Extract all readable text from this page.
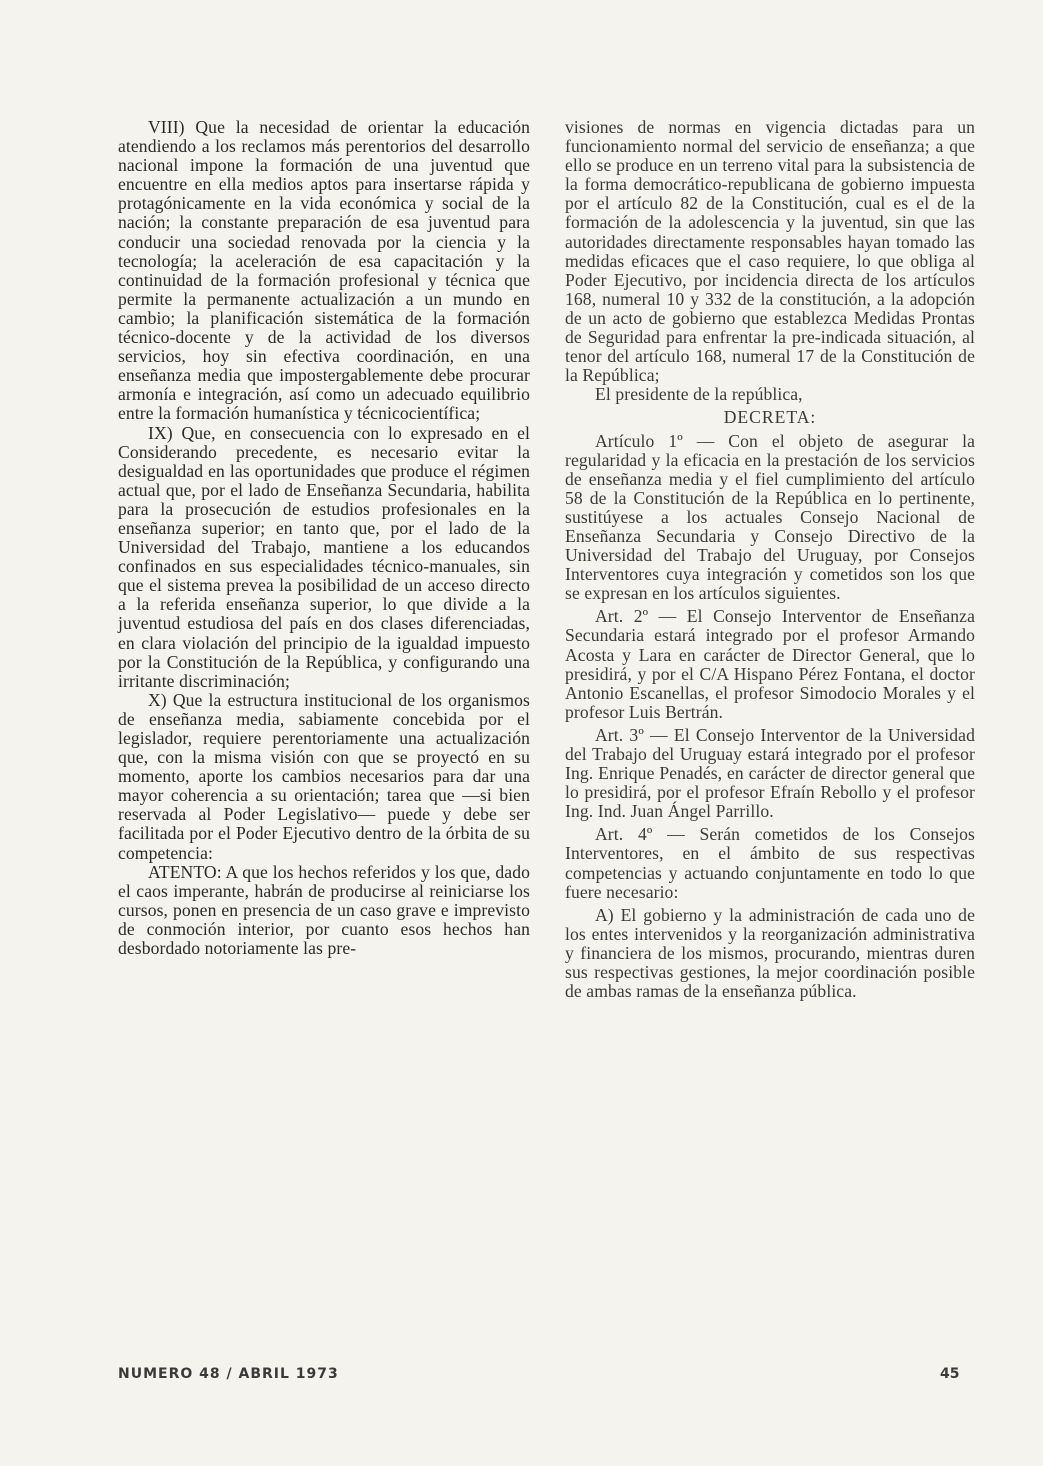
VIII) Que la necesidad de orientar la educación atendiendo a los reclamos más perentorios del desarrollo nacional impone la formación de una juventud que encuentre en ella medios aptos para insertarse rápida y protagónicamente en la vida económica y social de la nación; la constante preparación de esa juventud para conducir una sociedad renovada por la ciencia y la tecnología; la aceleración de esa capacitación y la continuidad de la formación profesional y técnica que permite la permanente actualización a un mundo en cambio; la planificación sistemática de la formación técnico-docente y de la actividad de los diversos servicios, hoy sin efectiva coordinación, en una enseñanza media que impostergablemente debe procurar armonía e integración, así como un adecuado equilibrio entre la formación humanística y técnicocientífica;

IX) Que, en consecuencia con lo expresado en el Considerando precedente, es necesario evitar la desigualdad en las oportunidades que produce el régimen actual que, por el lado de Enseñanza Secundaria, habilita para la prosecución de estudios profesionales en la enseñanza superior; en tanto que, por el lado de la Universidad del Trabajo, mantiene a los educandos confinados en sus especialidades técnico-manuales, sin que el sistema prevea la posibilidad de un acceso directo a la referida enseñanza superior, lo que divide a la juventud estudiosa del país en dos clases diferenciadas, en clara violación del principio de la igualdad impuesto por la Constitución de la República, y configurando una irritante discriminación;

X) Que la estructura institucional de los organismos de enseñanza media, sabiamente concebida por el legislador, requiere perentoriamente una actualización que, con la misma visión con que se proyectó en su momento, aporte los cambios necesarios para dar una mayor coherencia a su orientación; tarea que —si bien reservada al Poder Legislativo— puede y debe ser facilitada por el Poder Ejecutivo dentro de la órbita de su competencia:

ATENTO: A que los hechos referidos y los que, dado el caos imperante, habrán de producirse al reiniciarse los cursos, ponen en presencia de un caso grave e imprevisto de conmoción interior, por cuanto esos hechos han desbordado notoriamente las pre-

visiones de normas en vigencia dictadas para un funcionamiento normal del servicio de enseñanza; a que ello se produce en un terreno vital para la subsistencia de la forma democrático-republicana de gobierno impuesta por el artículo 82 de la Constitución, cual es el de la formación de la adolescencia y la juventud, sin que las autoridades directamente responsables hayan tomado las medidas eficaces que el caso requiere, lo que obliga al Poder Ejecutivo, por incidencia directa de los artículos 168, numeral 10 y 332 de la constitución, a la adopción de un acto de gobierno que establezca Medidas Prontas de Seguridad para enfrentar la pre-indicada situación, al tenor del artículo 168, numeral 17 de la Constitución de la República;

El presidente de la república,

DECRETA:

Artículo 1º — Con el objeto de asegurar la regularidad y la eficacia en la prestación de los servicios de enseñanza media y el fiel cumplimiento del artículo 58 de la Constitución de la República en lo pertinente, sustitúyese a los actuales Consejo Nacional de Enseñanza Secundaria y Consejo Directivo de la Universidad del Trabajo del Uruguay, por Consejos Interventores cuya integración y cometidos son los que se expresan en los artículos siguientes.

Art. 2º — El Consejo Interventor de Enseñanza Secundaria estará integrado por el profesor Armando Acosta y Lara en carácter de Director General, que lo presidirá, y por el C/A Hispano Pérez Fontana, el doctor Antonio Escanellas, el profesor Simodocio Morales y el profesor Luis Bertrán.

Art. 3º — El Consejo Interventor de la Universidad del Trabajo del Uruguay estará integrado por el profesor Ing. Enrique Penadés, en carácter de director general que lo presidirá, por el profesor Efraín Rebollo y el profesor Ing. Ind. Juan Ángel Parrillo.

Art. 4º — Serán cometidos de los Consejos Interventores, en el ámbito de sus respectivas competencias y actuando conjuntamente en todo lo que fuere necesario:

A) El gobierno y la administración de cada uno de los entes intervenidos y la reorganización administrativa y financiera de los mismos, procurando, mientras duren sus respectivas gestiones, la mejor coordinación posible de ambas ramas de la enseñanza pública.

NUMERO 48 / ABRIL 1973	45
